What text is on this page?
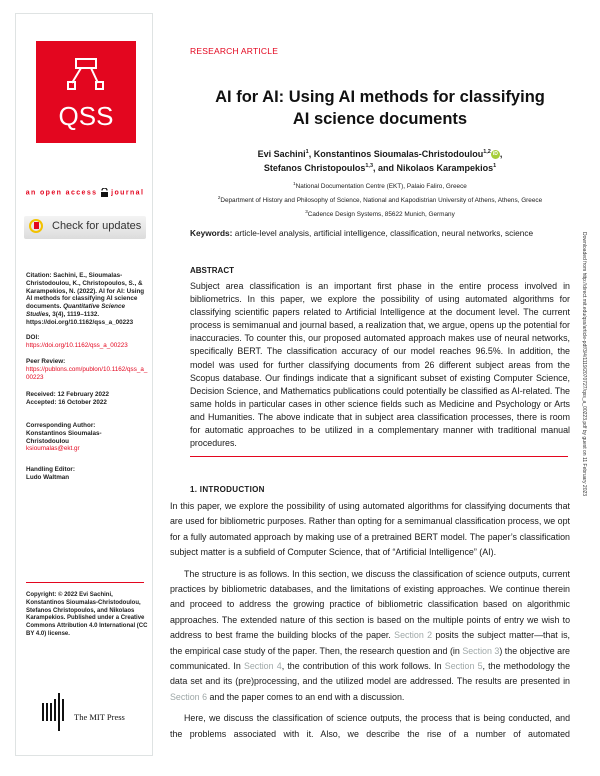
QSS
an open access journal
Check for updates
Citation: Sachini, E., Sioumalas-Christodoulou, K., Christopoulos, S., & Karampekios, N. (2022). AI for AI: Using AI methods for classifying AI science documents. Quantitative Science Studies, 3(4), 1119–1132. https://doi.org/10.1162/qss_a_00223
DOI:
https://doi.org/10.1162/qss_a_00223
Peer Review:
https://publons.com/publon/10.1162/qss_a_00223
Received: 12 February 2022
Accepted: 16 October 2022
Corresponding Author:
Konstantinos Sioumalas-Christodoulou
ksioumalas@ekt.gr
Handling Editor:
Ludo Waltman
Copyright: © 2022 Evi Sachini, Konstantinos Sioumalas-Christodoulou, Stefanos Christopoulos, and Nikolaos Karampekios. Published under a Creative Commons Attribution 4.0 International (CC BY 4.0) license.
The MIT Press
RESEARCH ARTICLE
AI for AI: Using AI methods for classifying
AI science documents
Evi Sachini$^1$, Konstantinos Sioumalas-Christodoulou$^{1,2}$ iD ,
Stefanos Christopoulos$^{1,3}$, and Nikolaos Karampekios$^1$
$^1$National Documentation Centre (EKT), Palaio Faliro, Greece
$^2$Department of History and Philosophy of Science, National and Kapodistrian University of Athens, Athens, Greece
$^3$Cadence Design Systems, 85622 Munich, Germany
Keywords: article-level analysis, artificial intelligence, classification, neural networks, science
ABSTRACT
Subject area classification is an important first phase in the entire process involved in bibliometrics. In this paper, we explore the possibility of using automated algorithms for classifying scientific papers related to Artificial Intelligence at the document level. The current process is semimanual and journal based, a realization that, we argue, opens up the potential for inaccuracies. To counter this, our proposed automated approach makes use of neural networks, specifically BERT. The classification accuracy of our model reaches 96.5%. In addition, the model was used for further classifying documents from 26 different subject areas from the Scopus database. Our findings indicate that a significant subset of existing Computer Science, Decision Science, and Mathematics publications could potentially be classified as AI-related. The same holds in particular cases in other science fields such as Medicine and Psychology or Arts and Humanities. The above indicate that in subject area classification processes, there is room for automatic approaches to be utilized in a complementary manner with traditional manual procedures.
1. INTRODUCTION

In this paper, we explore the possibility of using automated algorithms for classifying documents that are used for bibliometric purposes. Rather than opting for a semimanual classification process, we opt for a fully automated approach by making use of a pretrained BERT model. The paper’s classification subject matter is a subfield of Computer Science, that of “Artificial Intelligence” (AI).

The structure is as follows. In this section, we discuss the classification of science outputs, current practices by bibliometric databases, and the limitations of existing approaches. We continue therein and proceed to address the growing practice of bibliometric classification based on algorithmic approaches. The extended nature of this section is based on the multiple points of entry we wish to address to best frame the building blocks of the paper. Section 2 posits the subject matter—that is, the empirical case study of the paper. Then, the research question and (in Section 3) the objective are communicated. In Section 4, the contribution of this work follows. In Section 5, the methodology the data set and its (pre)processing, and the utilized model are addressed. The results are presented in Section 6 and the paper comes to an end with a discussion.

Here, we discuss the classification of science outputs, the process that is being conducted, and the problems associated with it. Also, we describe the rise of a number of automated

Downloaded from http://direct.mit.edu/qss/article-pdf/3/4/1119/2070727/qss_a_00223.pdf by guest on 11 February 2023
